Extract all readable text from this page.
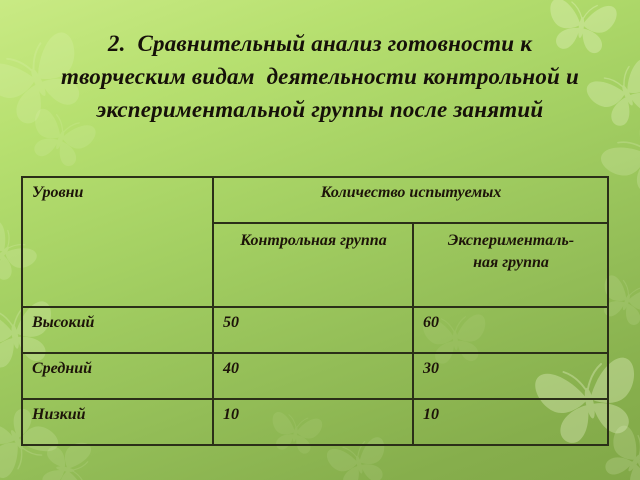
2.  Сравнительный анализ готовности к
творческим видам  деятельности контрольной и
экспериментальной группы после занятий
Уровни	Количество испытуемых	
	Контрольная группа	Эксперименталь-
ная группа

Высокий	50	60
Средний	40	30
Низкий	10	10
